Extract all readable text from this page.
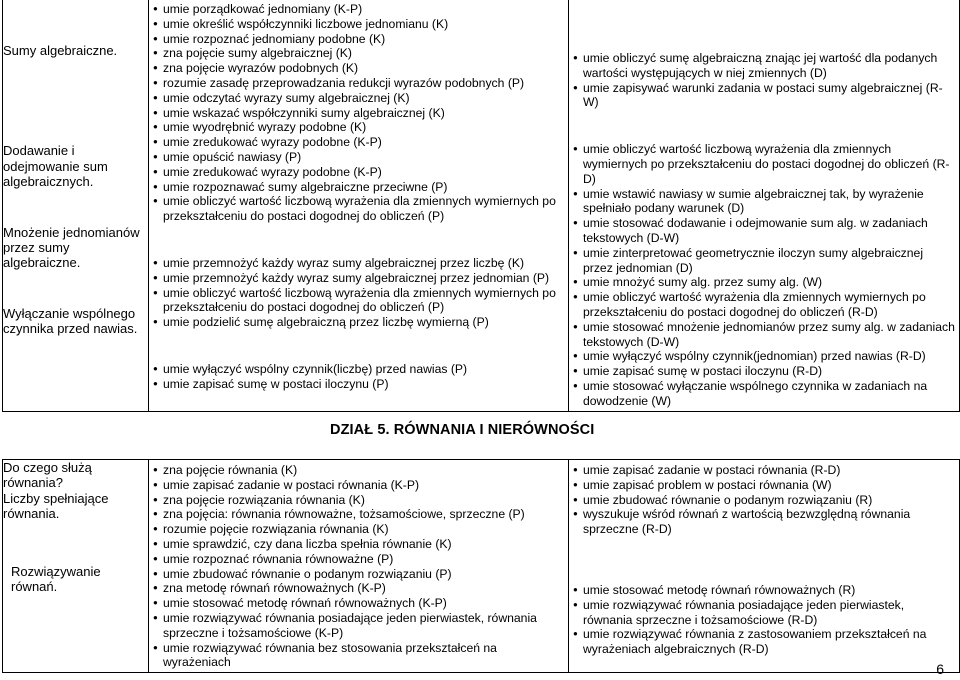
Sumy algebraiczne.
Dodawanie i odejmowanie sum algebraicznych.
Mnożenie jednomianów przez sumy algebraiczne.
Wyłączanie wspólnego czynnika przed nawias.

● umie porządkować jednomiany (K-P)
● umie określić współczynniki liczbowe jednomianu (K)
● umie rozpoznać jednomiany podobne (K)
● zna pojęcie sumy algebraicznej (K)
● zna pojęcie wyrazów podobnych (K)
● rozumie zasadę przeprowadzania redukcji wyrazów podobnych (P)
● umie odczytać wyrazy sumy algebraicznej (K)
● umie wskazać współczynniki sumy algebraicznej (K)
● umie wyodrębnić wyrazy podobne (K)
● umie zredukować wyrazy podobne (K-P)
● umie opuścić nawiasy (P)
● umie zredukować wyrazy podobne (K-P)
● umie rozpoznawać sumy algebraiczne przeciwne (P)
● umie obliczyć wartość liczbową wyrażenia dla zmiennych wymiernych po przekształceniu do postaci dogodnej do obliczeń (P)
● umie przemnożyć każdy wyraz sumy algebraicznej przez liczbę (K)
● umie przemnożyć każdy wyraz sumy algebraicznej przez jednomian (P)
● umie obliczyć wartość liczbową wyrażenia dla zmiennych wymiernych po przekształceniu do postaci dogodnej do obliczeń (P)
● umie podzielić sumę algebraiczną przez liczbę wymierną (P)
● umie wyłączyć wspólny czynnik(liczbę) przed nawias (P)
● umie zapisać sumę w postaci iloczynu (P)

● umie obliczyć sumę algebraiczną znając jej wartość dla podanych wartości występujących w niej zmiennych (D)
● umie zapisywać warunki zadania w postaci sumy algebraicznej (R-W)
● umie obliczyć wartość liczbową wyrażenia dla zmiennych wymiernych po przekształceniu do postaci dogodnej do obliczeń (R-D)
● umie wstawić nawiasy w sumie algebraicznej tak, by wyrażenie spełniało podany warunek (D)
● umie stosować dodawanie i odejmowanie sum alg. w zadaniach tekstowych (D-W)
● umie zinterpretować geometrycznie iloczyn sumy algebraicznej przez jednomian (D)
● umie mnożyć sumy alg. przez sumy alg. (W)
● umie obliczyć wartość wyrażenia dla zmiennych wymiernych po przekształceniu do postaci dogodnej do obliczeń (R-D)
● umie stosować mnożenie jednomianów przez sumy alg. w zadaniach tekstowych (D-W)
● umie wyłączyć wspólny czynnik(jednomian) przed nawias (R-D)
● umie zapisać sumę w postaci iloczynu (R-D)
● umie stosować wyłączanie wspólnego czynnika w zadaniach na dowodzenie (W)
DZIAŁ 5. RÓWNANIA I NIERÓWNOŚCI
Do czego służą równania?
Liczby spełniające równania.
Rozwiązywanie równań.

● zna pojęcie równania (K)
● umie zapisać zadanie w postaci równania (K-P)
● zna pojęcie rozwiązania równania (K)
● zna pojęcia: równania równoważne, tożsamościowe, sprzeczne (P)
● rozumie pojęcie rozwiązania równania (K)
● umie sprawdzić, czy dana liczba spełnia równanie (K)
● umie rozpoznać równania równoważne (P)
● umie zbudować równanie o podanym rozwiązaniu (P)
● zna metodę równań równoważnych (K-P)
● umie stosować metodę równań równoważnych (K-P)
● umie rozwiązywać równania posiadające jeden pierwiastek, równania sprzeczne i tożsamościowe (K-P)
● umie rozwiązywać równania bez stosowania przekształceń na wyrażeniach

● umie zapisać zadanie w postaci równania (R-D)
● umie zapisać problem w postaci równania (W)
● umie zbudować równanie o podanym rozwiązaniu (R)
● wyszukuje wśród równań z wartością bezwzględną równania sprzeczne (R-D)
● umie stosować metodę równań równoważnych (R)
● umie rozwiązywać równania posiadające jeden pierwiastek, równania sprzeczne i tożsamościowe (R-D)
● umie rozwiązywać równania z zastosowaniem przekształceń na wyrażeniach algebraicznych (R-D)
6
